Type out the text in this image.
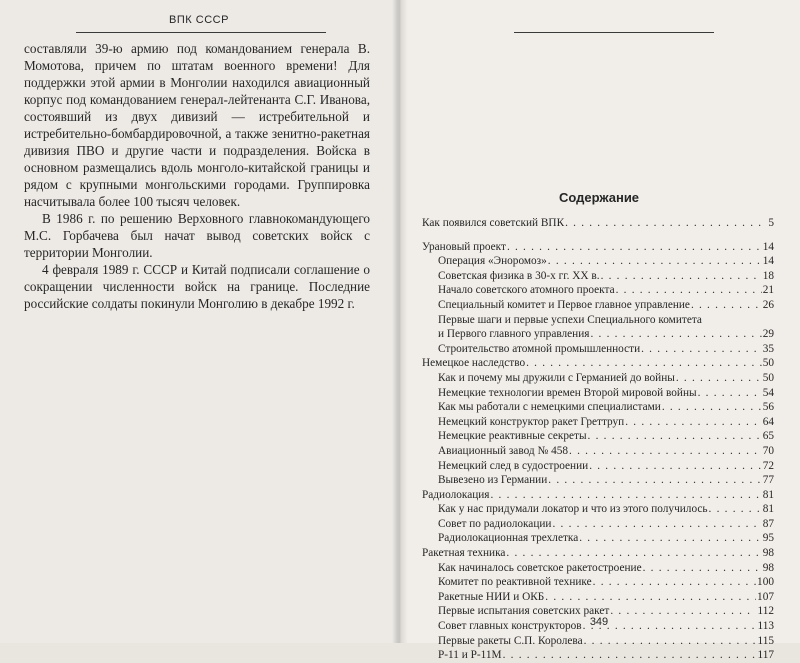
ВПК СССР

составляли 39-ю армию под командованием генерала В. Момотова, причем по штатам военного времени! Для поддержки этой армии в Монголии находился авиационный корпус под командованием генерал-лейтенанта С.Г. Иванова, состоявший из двух дивизий — истребительной и истребительно-бомбардировочной, а также зенитно-ракетная дивизия ПВО и другие части и подразделения. Войска в основном размещались вдоль монголо-китайской границы и рядом с крупными монгольскими городами. Группировка насчитывала более 100 тысяч человек.

В 1986 г. по решению Верховного главнокомандующего М.С. Горбачева был начат вывод советских войск с территории Монголии.

4 февраля 1989 г. СССР и Китай подписали соглашение о сокращении численности войск на границе. Последние российские солдаты покинули Монголию в декабре 1992 г.

Содержание
Как появился советский ВПК . . .	5
Урановый проект . . .	14
Операция «Эноромоз» . . .	14
Советская физика в 30-х гг. XX в. . . .	18
Начало советского атомного проекта . . .	21
Специальный комитет и Первое главное управление . . .	26
Первые шаги и первые успехи Специального комитета
и Первого главного управления . . .	29
Строительство атомной промышленности . . .	35
Немецкое наследство . . .	50
Как и почему мы дружили с Германией до войны . . .	50
Немецкие технологии времен Второй мировой войны . . .	54
Как мы работали с немецкими специалистами . . .	56
Немецкий конструктор ракет Греттруп . . .	64
Немецкие реактивные секреты . . .	65
Авиационный завод № 458 . . .	70
Немецкий след в судостроении . . .	72
Вывезено из Германии . . .	77
Радиолокация . . .	81
Как у нас придумали локатор и что из этого получилось . . .	81
Совет по радиолокации . . .	87
Радиолокационная трехлетка . . .	95
Ракетная техника . . .	98
Как начиналось советское ракетостроение . . .	98
Комитет по реактивной технике . . .	100
Ракетные НИИ и ОКБ . . .	107
Первые испытания советских ракет . . .	112
Совет главных конструкторов . . .	113
Первые ракеты С.П. Королева . . .	115
Р-11 и Р-11М . . .	117
349
